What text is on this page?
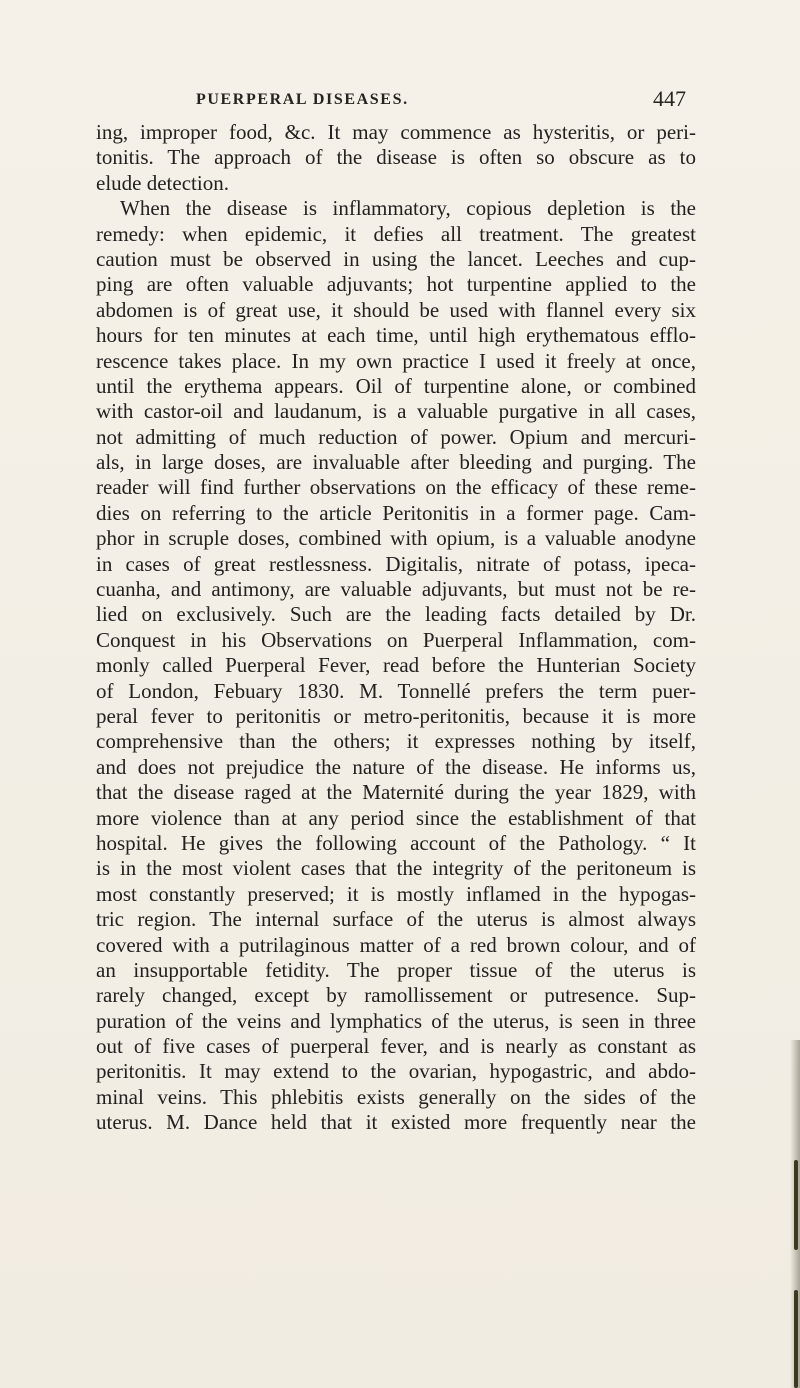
PUERPERAL DISEASES.	447
ing, improper food, &c. It may commence as hysteritis, or peri-
tonitis. The approach of the disease is often so obscure as to
elude detection.
When the disease is inflammatory, copious depletion is the
remedy: when epidemic, it defies all treatment. The greatest
caution must be observed in using the lancet. Leeches and cup-
ping are often valuable adjuvants; hot turpentine applied to the
abdomen is of great use, it should be used with flannel every six
hours for ten minutes at each time, until high erythematous efflo-
rescence takes place. In my own practice I used it freely at once,
until the erythema appears. Oil of turpentine alone, or combined
with castor-oil and laudanum, is a valuable purgative in all cases,
not admitting of much reduction of power. Opium and mercuri-
als, in large doses, are invaluable after bleeding and purging. The
reader will find further observations on the efficacy of these reme-
dies on referring to the article Peritonitis in a former page. Cam-
phor in scruple doses, combined with opium, is a valuable anodyne
in cases of great restlessness. Digitalis, nitrate of potass, ipeca-
cuanha, and antimony, are valuable adjuvants, but must not be re-
lied on exclusively. Such are the leading facts detailed by Dr.
Conquest in his Observations on Puerperal Inflammation, com-
monly called Puerperal Fever, read before the Hunterian Society
of London, Febuary 1830. M. Tonnellé prefers the term puer-
peral fever to peritonitis or metro-peritonitis, because it is more
comprehensive than the others; it expresses nothing by itself,
and does not prejudice the nature of the disease. He informs us,
that the disease raged at the Maternité during the year 1829, with
more violence than at any period since the establishment of that
hospital. He gives the following account of the Pathology. “ It
is in the most violent cases that the integrity of the peritoneum is
most constantly preserved; it is mostly inflamed in the hypogas-
tric region. The internal surface of the uterus is almost always
covered with a putrilaginous matter of a red brown colour, and of
an insupportable fetidity. The proper tissue of the uterus is
rarely changed, except by ramollissement or putresence. Sup-
puration of the veins and lymphatics of the uterus, is seen in three
out of five cases of puerperal fever, and is nearly as constant as
peritonitis. It may extend to the ovarian, hypogastric, and abdo-
minal veins. This phlebitis exists generally on the sides of the
uterus. M. Dance held that it existed more frequently near the
